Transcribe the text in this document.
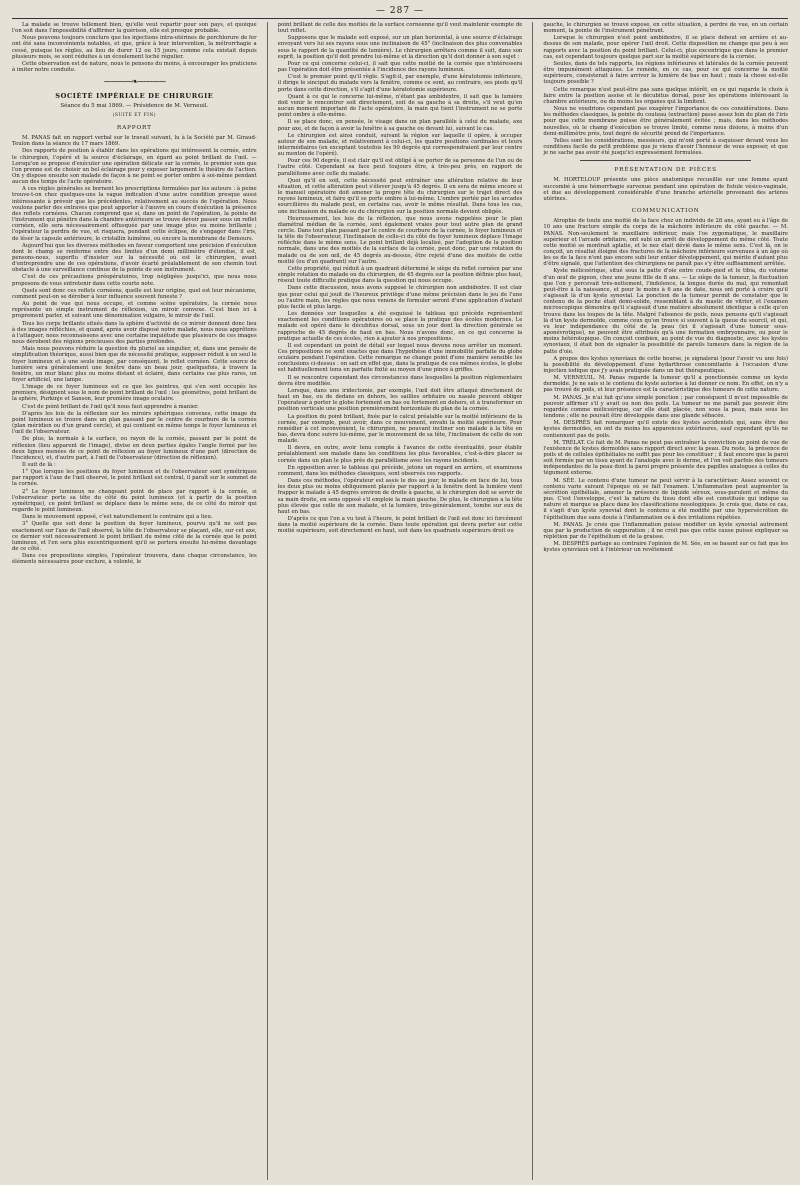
— 287 —

La malade se trouve tellement bien, qu'elle veut repartir pour son pays, et quoique l'on soit dans l'impossibilité d'affirmer la guérison, elle est presque probable.

Nous pouvons toujours conclure que les injections intra-utérines de perchlorure de fer ont été sans inconvénients notables, et que, grâce à leur intervention, la métrorrhagie a cessé, puisque les règles, au lieu de durer 12 ou 15 jours, comme cela existait depuis plusieurs mois, se sont réduites à un écoulement loché régulier.

Cette observation est de nature, nous le pensons du moins, à encourager les praticiens à imiter notre conduite.

⁓⁓⁓⁓❧⁓⁓⁓⁓
SOCIÉTÉ IMPÉRIALE DE CHIRURGIE
Séance du 5 mai 1869. — Présidence de M. Verneuil.
(SUITE ET FIN)
RAPPORT

M. PANAS fait un rapport verbal sur le travail suivant, lu à la Société par M. Giraud-Teulon dans la séance du 17 mars 1869.

Des rapports de position à établir dans les opérations qui intéressent la cornée, entre le chirurgien, l'opéré et la source d'éclairage, en égard au point brillant de l'œil. — Lorsqu'on se propose d'exécuter une opération délicate sur la cornée, le premier soin que l'on prenne est de choisir un bel éclairage pour y exposer largement le théâtre de l'action. On y dispose ensuite son malade de façon à ne point se porter ombre à soi-même pendant aucun des temps de l'acte opératoire.

A ces règles générales se bornent les prescriptions formulées par les auteurs : à peine trouve-t-on chez quelques-uns la vague indication d'une autre condition presque aussi intéressante à prévoir que les précédentes, relativement au succès de l'opération. Nous voulons parler des entraves que peut apporter à l'œuvre en cours d'exécution la présence des reflets cornéens. Chacun comprend que si, dans un point de l'opération, la pointe de l'instrument qui pénètre dans la chambre antérieure se trouve devoir passer sous un reflet cornéen, elle sera nécessairement offusquée par une image plus ou moins brillante ; l'opérateur la perdra de vue, et risquera, pendant cette éclipse, de s'engager dans l'iris, de léser la capsule antérieure, le cristallin luimême, ou encore la membrane de Demours.

Aujourd'hui que les diverses méthodes en faveur comportent une précision d'exécution dont le champ se renferme entre des limites d'un demi millimètre d'étendue, il est, pensons-nous, superflu d'insister sur la nécessité où est le chirurgien, avant d'entreprendre une de ces opérations, d'avoir écarté préalablement de son chemin tout obstacle à une surveillance continue de la pointe de son instrument.

C'est de ces précautions préopératoires, trop négligées jusqu'ici, que nous nous proposons de vous entretenir dans cette courte note.

Quels sont donc ces reflets cornéens, quelle est leur origine, quel est leur mécanisme, comment peut-on se dérober à leur influence souvent funeste ?

Au point de vue qui nous occupe, et comme scène opératoire, la cornée nous représente un simple instrument de réflexion, un miroir convexe. C'est bien ici à proprement parler, et suivant une dénomination vulgaire, le miroir de l'œil.

Tous les corps brillants situés dans la sphère d'activité de ce miroir donnent donc lieu à des images réfléchies, et quand, après avoir disposé notre malade, nous nous apprêtons à l'attaquer, nous reconnaissons avec une certaine inquiétude que plusieurs de ces images nous dérobent des régions précieuses des parties profondes.

Mais nous pouvons réduire la question du pluriel au singulier, et, dans une pensée de simplification théorique, aussi bien que de nécessité pratique, supposer réduit à un seul le foyer lumineux et à une seule image, par conséquent, le reflet cornéen. Cette source de lumière sera généralement une fenêtre dans un beau jour, quelquefois, à travers la fenêtre, un mur blanc plus ou moins distant et éclairé, dans certains cas plus rares, un foyer artificiel, une lampe.

L'image de ce foyer lumineux est ce que les peintres, qui s'en sont occupés les premiers, désignent sous le nom de point brillant de l'œil ; les géomètres, point brillant de la sphère, Purkinje et Sanson, leur première image oculaire.

C'est de point brillant de l'œil qu'il nous faut apprendre à manier.

D'après les lois de la réflexion sur les miroirs sphériques convexes, cette image du point lumineux se trouve dans un plan passant par le centre de courbure de la cornée (plan méridien ou d'un grand cercle), et qui contient en même temps le foyer lumineux et l'œil de l'observateur.

De plus, la normale à la surface, ou rayon de la cornée, passant par le point de réflexion (lieu apparent de l'image), divise en deux parties égales l'angle formé par les deux lignes menées de ce point de réflexion au foyer lumineux d'une part (direction de l'incidence), et, d'autre part, à l'œil de l'observateur (direction de réflexion).

Il suit de là :

1° Que lorsque les positions du foyer lumineux et de l'observateur sont symétriques par rapport à l'axe de l'œil observé, le point brillant est central, il paraît sur le sommet de la cornée.

2° Le foyer lumineux ne changeant point de place par rapport à la cornée, si l'observateur porte sa tête du côté du point lumineux (et à partir de la position symétrique), ce point brillant se déplace dans le même sens, de ce côté du miroir qui regarde le point lumineux.

Dans le mouvement opposé, c'est naturellement le contraire qui a lieu.

3° Quelle que soit donc la position du foyer lumineux, pourvu qu'il ne soit pas exactement sur l'axe de l'œil observé, la tête de l'observateur se plaçant, elle, sur cet axe, ce dernier voit nécessairement le point brillant du même côté de la cornée que le point lumineux, et l'en sera plus excentriquement qu'il se portera ensuite lui-même davantage de ce côté.

Dans ces propositions simples, l'opérateur trouvera, dans chaque circonstance, les éléments nécessaires pour exclure, à volonté, le

point brillant de celle des moitiés de la surface cornéenne qu'il veut maintenir exempte de tout reflet.

Supposons que le malade soit exposé, sur un plan horizontal, à une source d'éclairage envoyant vers lui ses rayons sous une inclinaison de 45° (inclinaison des plus convenables sous le rapport de la quantité de lumière). Le chirurgien arrêtera comme il suit, dans son esprit, la position qu'il doit prendre lui-même et la direction qu'il doit donner à son sujet :

Pour ce qui concerne celui-ci, il sait que cette moitié de la cornée que n'intéressera pas l'opération doit être présentée à l'incidence des rayons lumineux.

C'est le premier point qu'il règle. S'agit-il, par exemple, d'une kératotomie inférieure, il dirige le sinciput du malade vers la fenêtre, comme ce sont, au contraire, ses pieds qu'il porte dans cette direction, s'il s'agit d'une kératotomie supérieure.

Quant à ce qui le concerne lui-même, n'étant pas ambidextre, il sait que la lumière doit venir le rencontrer soit directement, soit de sa gauche à sa droite, s'il veut qu'en aucun moment important de l'acte opératoire, la main qui tient l'instrument ne se porte point ombre à elle-même.

Il se place donc, en pensée, le visage dans un plan parallèle à celui du malade, axe pour axe, et de façon à avoir la fenêtre à sa gauche ou devant lui, suivant le cas.

Le chirurgien est ainsi conduit, suivant la région sur laquelle il opère, à occuper autour de son malade, et relativement à celui-ci, les quatre positions cardinales et leurs intermédiaires (en exceptant toutefois les 90 degrés qui correspondraient par leur centre au menton de l'opéré).

Pour ces 90 degrés, il est clair qu'il est obligé à se porter de sa personne de l'un ou de l'autre côté. Cependant sa face peut toujours être, à très-peu près, en rapport de parallélisme avec celle du malade.

Quoi qu'il en soit, cette nécessité peut entraîner une altération relative de leur situation, et cette altération peut s'élever jusqu'à 45 degrés. Il en sera de même encore si le manuel opératoire doit amener la propre tête du chirurgien sur le trajet direct des rayons lumineux, et faire qu'il se porte ombre à lui-même. L'ombre portée par les arcades sourcilières du malade peut, en certains cas, avoir le même résultat. Dans tous les cas, une inclinaison du malade ou du chirurgien sur la position normale devient obligée.

Heureusement, les lois de la réflexion, que nous avons rappelées pour le plan diamétral médian de la cornée, sont également vraies pour tout autre plan de grand cercle. Dans tout plan passant par le centre de courbure de la cornée, le foyer lumineux et la tête de l'observateur, l'inclinaison de celle-ci du côté du foyer lumineux déplace l'image réfléchie dans le même sens. Le point brillant déjà localisé, par l'adoption de la position normale, dans une des moitiés de la surface de la cornée, peut donc, par une rotation du malade ou de son œil, de 45 degrés au-dessus, être rejeté d'une des moitiés de cette moitié (ou d'un quadrant) sur l'autre.

Cette propriété, qui réduit à un quadrant déterminé le siège du reflet cornéen par une simple rotation du malade ou du chirurgien, de 45 degrés sur la position définie plus haut, résout toute difficulté pratique dans la question qui nous occupe.

Dans cette discussion, nous avons supposé le chirurgien non ambidextre. Il est clair que pour celui qui jouit de l'heureux privilège d'une même précision dans le jeu de l'une ou l'autre main, les règles que nous venons de formuler seront d'une application d'autant plus facile et plus large.

Les données sur lesquelles a été esquissé le tableau qui précède représentent exactement les conditions opératoires où se place la pratique des écoles modernes. Le malade est opéré dans le décubitus dorsal, sous un jour dont la direction générale se rapproche de 45 degrés de haut en bas. Nous n'avons donc, en ce qui concerne la pratique actuelle de ces écoles, rien à ajouter à nos propositions.

Il est cependant un point de détail sur lequel nous devons nous arrêter un moment. Ces propositions ne sont exactes que dans l'hypothèse d'une immobilité parfaite du globe oculaire pendant l'opération. Cette remarque ne change point d'une manière sensible les conclusions ci-dessus : on sait en effet que, dans la pratique de ces mêmes écoles, le globe est habituellement tenu en parfaite fixité au moyen d'une pince à griffes.

Il se rencontre cependant des circonstances dans lesquelles la position réglementaire devra être modifiée.

Lorsque, dans une iridectomie, par exemple, l'œil doit être attaqué directement de haut en bas, ou de dedans en dehors, les saillies orbitaire ou nasale peuvent obliger l'opérateur à porter le globe fortement en bas ou fortement en dehors, et à transformer en position verticale une position premièrement horizontale du plan de la cornée.

La position du point brillant, fixée par le calcul préalable sur la moitié inférieure de la cornée, par exemple, peut avoir, dans ce mouvement, envahi la moitié supérieure. Pour remédier à cet inconvénient, le chirurgien, ne pouvant incliner son malade à la tête en bas, devra donc suivre lui-même, par le mouvement de sa tête, l'inclinaison de celle de son malade.

Il devra, en outre, avoir tenu compte à l'avance de cette éventualité, pour établir préalablement son malade dans les conditions les plus favorables, c'est-à-dire placer sa cornée dans un plan le plus près du parallélisme avec les rayons incidents.

En opposition avec le tableau qui précède, jetons un regard en arrière, et examinons comment, dans les méthodes classiques, sont observés ces rapports.

Dans ces méthodes, l'opérateur est assis le dos au jour, le malade en face de lui, tous les deux plus ou moins obliquement placés par rapport à la fenêtre dont la lumière vient frapper le malade à 45 degrés environ de droite à gauche, si le chirurgien doit se servir de sa main droite, en sens opposé s'il emploie la main gauche. De plus, le chirurgien a la tête plus élevée que celle de son malade, et la lumière, très-généralement, tombe sur eux de haut en bas.

D'après ce que l'on a vu tout à l'heure, le point brillant de l'œil est donc ici forcément dans la moitié supérieure de la cornée. Dans toute opération qui devra porter sur cette moitié supérieure, soit directement en haut, soit dans les quadrants supérieurs droit ou

gauche, le chirurgien se trouvé exposé, en cette situation, à perdre de vue, en un certain moment, la pointe de l'instrument pénétrant.

Lorsque le chirurgien n'est point ambidextre, il se place debout en arrière et au-dessus de son malade, pour opérer l'œil droit. Cette disposition ne change que peu à ses rapports avec la position du point brillant. Celui-ci, plus excentrique que dans le premier cas, est cependant toujours quelque part sur la moitié supérieure de la cornée.

Seules, dans de tels rapports, les régions inférieures et latérales de la cornée peuvent être impunément attaquées. Le remède, en ce cas, pour ce qui concerne la moitié supérieure, consisterait à faire arriver la lumière de bas en haut ; mais la chose est-elle toujours possible ?

Cette remarque n'est peut-être pas sans quelque intérêt, en ce qui regarde le choix à faire entre la position assise et le décubitus dorsal, pour les opérations intéressant la chambre antérieure, ou du moins les organes qui la limitent.

Nous ne voudrions cependant pas exagérer l'importance de ces considérations. Dans les méthodes classiques, la pointe du couteau (extraction) passe assez loin du plan de l'iris pour que cette membrane puisse être généralement évitée ; mais, dans les méthodes nouvelles, où le champ d'exécution se trouve limité, comme nous disions, à moins d'un demi-millimètre près, tout degré de sécurité prend de l'importance.

Telles sont les considérations, messieurs, qui m'ont porté à esquisser devant vous les conditions facile du petit problème que je viens d'avoir l'honneur de vous exposer, et que je ne sache pas avoir été jusqu'ici expressément formulées.

PRÉSENTATION DE PIÈCES

M. HORTELOUP présente une pièce anatomique recueillie sur une femme ayant succombé à une hémorrhagie survenue pendant une opération de fistule vésico-vaginale, et due au développement considérable d'une branche artérielle provenant des artères utérines.

COMMUNICATION

Atrophie de toute une moitié de la face chez un individu de 28 ans, ayant eu à l'âge de 10 ans une fracture simple du corps de la mâchoire inférieure du côté gauche. — M. PANAS. Non-seulement le maxillaire inférieur, mais l'os zygomatique, le maxillaire supérieur et l'arcade orbitaire, ont subi un arrêt de développement du même côté. Toute cette moitié se montrait aplatie, et le nez était dévié dans le même sens. C'est là, on le conçoit, un résultat éloigné des fractures de la mâchoire inférieure survenues à un âge où les os de la face n'ont pas encore subi leur entier développement, qui mérite d'autant plus d'être signalé, que l'attention des chirurgiens ne paraît pas s'y être suffisamment arrêtée.

Kyste méliceérique, situé sous la patte d'oie entre coude-pied et le tibia, du volume d'un œuf de pigeon, chez une jeune fille de 8 ans. — Le siège de la tumeur, la fluctuation que l'on y percevait très-nettement, l'indolence, la longue durée du mal, qui remontait peut-être à la naissance, et pour le moins à 6 ans de date, nous ont porté à croire qu'il s'agissait là d'un kyste synovial. La ponction de la tumeur permit de constater que le contenu de la poche était demi-solide, ressemblant à du mastic de vitrier, et l'examen microscopique démontra qu'il s'agissait d'une matière absolument identique à celle qu'on trouve dans les loupes de la tête. Malgré l'absence de poils, nous pensons qu'il s'agissait là d'un kyste dermoïde, comme ceux qu'on trouve si souvent à la queue du sourcil, et qui, vu leur indépendance du côté de la peau (ici il s'agissait d'une tumeur sous-aponévrotique), ne peuvent être attribués qu'à une formation embryonnaire, ou pour le moins hétérotopique. On conçoit combien, au point de vue du diagnostic, avec les kystes synoviaux, il était bon de signaler la possibilité de pareils tumeurs dans la région de la patte d'oie.

A propos des kystes synoviaux de cette bourse, je signalerai (pour l'avoir vu une fois) la possibilité du développement d'une hydarthrose concomitante à l'occasion d'une injection iodique que j'y avais pratiquée dans un but thérapeutique.

M. VERNEUIL. M. Panas regarde la tumeur qu'il a ponctionnée comme un kyste dermoïde. Je ne sais si le contenu du kyste autorise à lui donner ce nom. En effet, on n'y a pas trouvé de poils, et leur présence est la caractéristique des tumeurs de cette nature.

M. PANAS. Je n'ai fait qu'une simple ponction ; par conséquent il m'est impossible de pouvoir affirmer s'il y avait ou non des poils. La tumeur ne me paraît pas pouvoir être regardée comme méliceérique, car elle était placée, non sous la peau, mais sous les tendons ; elle ne pouvait être développée dans une glande sébacée.

M. DESPRÉS fait remarquer qu'il existe des kystes accidentels qui, sans être des kystes dermoïdes, en ont du moins les apparences extérieures, sauf cependant qu'ils ne contiennent pas de poils.

M. TRÉLAT. Ce fait de M. Panas ne peut pas entraîner la conviction au point de vue de l'existence de kystes dermoïdes sans rapport direct avec la peau. Du reste, la présence de poils et de cellules épithéliales ne suffit pas pour les constituer ; il faut encore que la paroi soit formée par un tissu ayant de l'analogie avec le derme, et l'on voit parfois des tumeurs indépendantes de la peau dont la paroi propre présente des papilles analogues à celles du tégument externe.

M. SÉE. Le contenu d'une tumeur ne peut servir à la caractériser. Assez souvent ce contenu varie suivant l'époque où se fait l'examen. L'inflammation peut augmenter la sécrétion épithéliale, amener la présence de liquide séreux, sous-purulent et même du pus. C'est l'enveloppe, c'est la nature du tissu dont elle est constituée qui indique sa nature et marque sa place dans les classifications nosologiques. Je crois que, dans ce cas, il s'agit d'un kyste synovial dont le contenu a été modifié par une hypersécrétion de l'épithélium due sans doute à l'inflammation ou à des irritations répétées.

M. PANAS. Je crois que l'inflammation puisse modifier un kyste synovial autrement que par la production de suppuration ; il ne croit pas que cette cause puisse expliquer sa réplétion par de l'épithélium et de la graisse.

M. DESPRÉS partage au contraire l'opinion de M. Sée, en se basant sur ce fait que les kystes synoviaux ont à l'intérieur un revêtement
